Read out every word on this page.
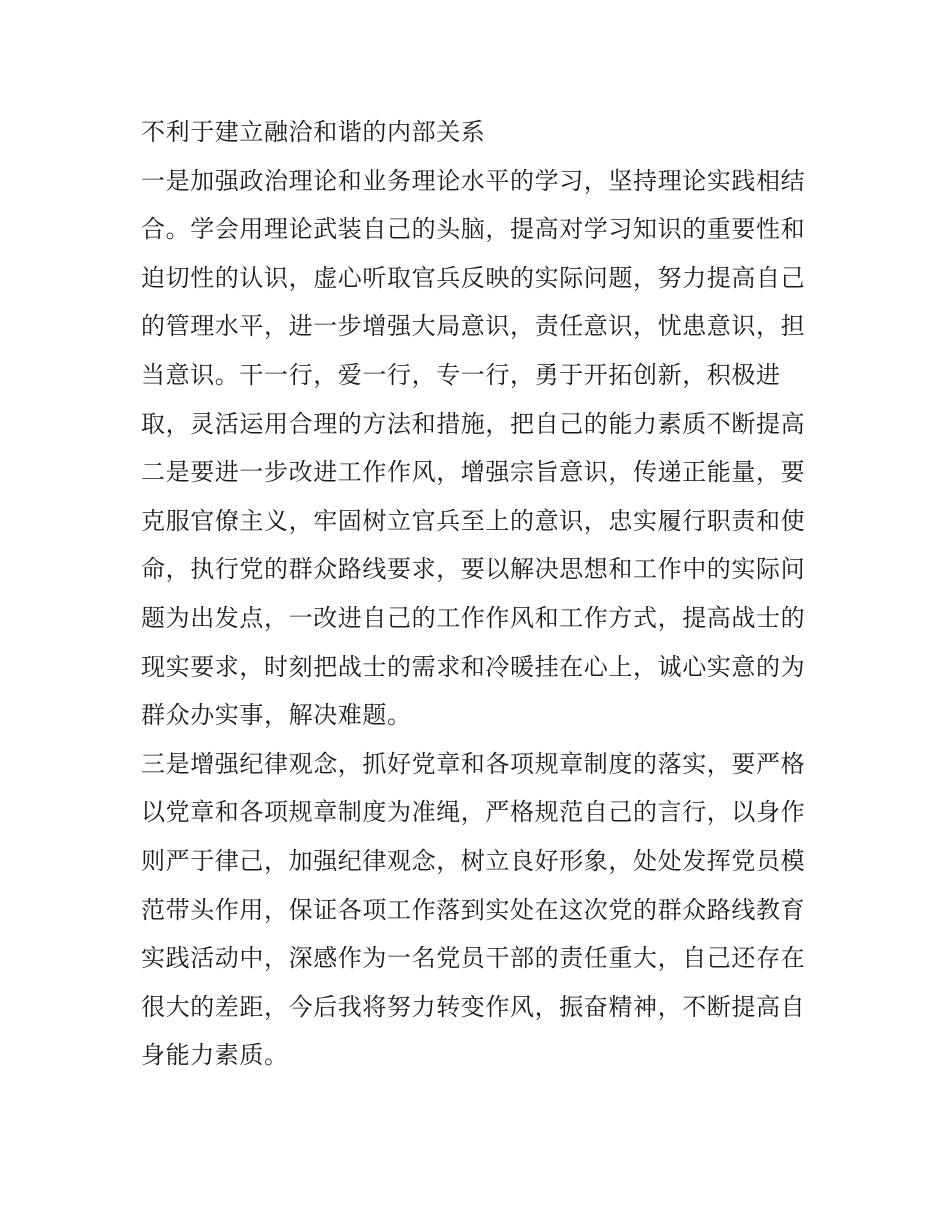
不利于建立融洽和谐的内部关系
一是加强政治理论和业务理论水平的学习，坚持理论实践相结
合。学会用理论武装自己的头脑，提高对学习知识的重要性和
迫切性的认识，虚心听取官兵反映的实际问题，努力提高自己
的管理水平，进一步增强大局意识，责任意识，忧患意识，担
当意识。干一行，爱一行，专一行，勇于开拓创新，积极进
取，灵活运用合理的方法和措施，把自己的能力素质不断提高
二是要进一步改进工作作风，增强宗旨意识，传递正能量，要
克服官僚主义，牢固树立官兵至上的意识，忠实履行职责和使
命，执行党的群众路线要求，要以解决思想和工作中的实际问
题为出发点，一改进自己的工作作风和工作方式，提高战士的
现实要求，时刻把战士的需求和冷暖挂在心上，诚心实意的为
群众办实事，解决难题。
三是增强纪律观念，抓好党章和各项规章制度的落实，要严格
以党章和各项规章制度为准绳，严格规范自己的言行，以身作
则严于律己，加强纪律观念，树立良好形象，处处发挥党员模
范带头作用，保证各项工作落到实处在这次党的群众路线教育
实践活动中，深感作为一名党员干部的责任重大，自己还存在
很大的差距，今后我将努力转变作风，振奋精神，不断提高自
身能力素质。
